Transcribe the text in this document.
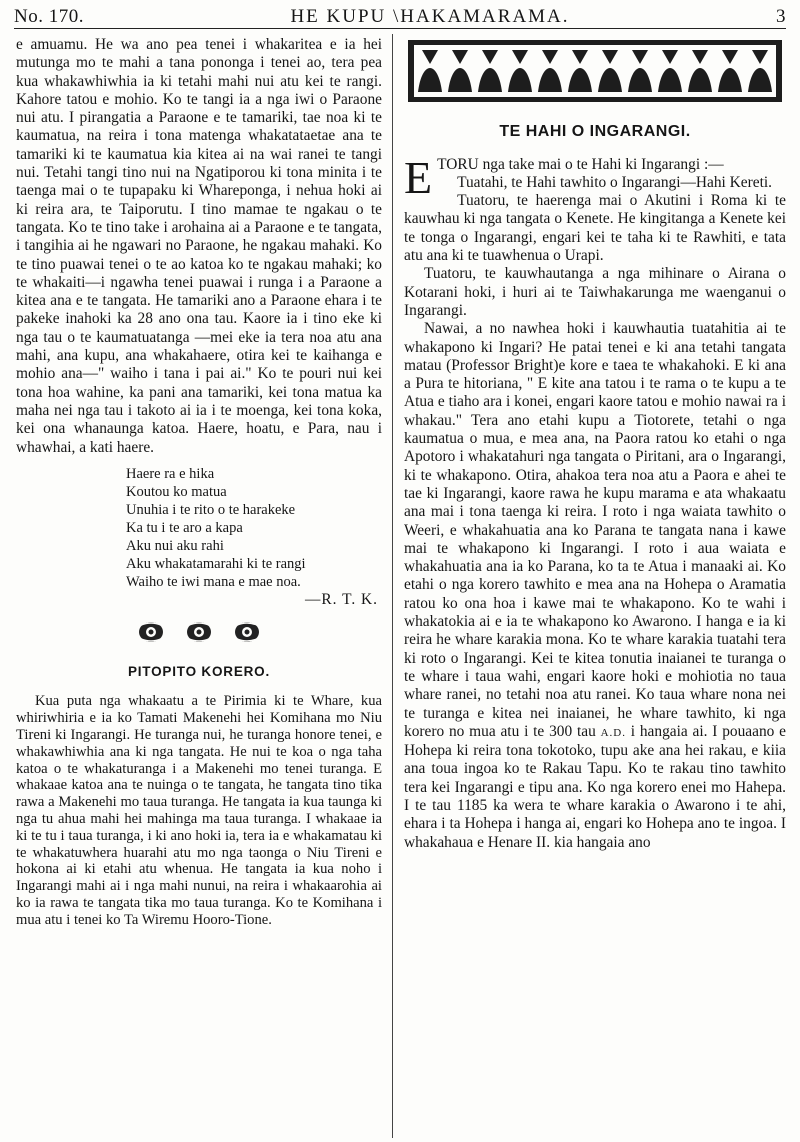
No. 170.	HE KUPU \HAKAMARAMA.	3

e amuamu. He wa ano pea tenei i whakaritea e ia hei mutunga mo te mahi a tana pononga i tenei ao, tera pea kua whakawhiwhia ia ki tetahi mahi nui atu kei te rangi. Kahore tatou e mohio. Ko te tangi ia a nga iwi o Paraone nui atu. I pirangatia a Paraone e te tamariki, tae noa ki te kaumatua, na reira i tona matenga whakatataetae ana te tamariki ki te kaumatua kia kitea ai na wai ranei te tangi nui. Tetahi tangi tino nui na Ngatiporou ki tona minita i te taenga mai o te tupapaku ki Whareponga, i nehua hoki ai ki reira ara, te Taiporutu. I tino mamae te ngakau o te tangata. Ko te tino take i arohaina ai a Paraone e te tangata, i tangihia ai he ngawari no Paraone, he ngakau mahaki. Ko te tino puawai tenei o te ao katoa ko te ngakau mahaki; ko te whakaiti—i ngawha tenei puawai i runga i a Paraone a kitea ana e te tangata. He tamariki ano a Paraone ehara i te pakeke inahoki ka 28 ano ona tau. Kaore ia i tino eke ki nga tau o te kaumatuatanga —mei eke ia tera noa atu ana mahi, ana kupu, ana whakahaere, otira kei te kaihanga e mohio ana—" waiho i tana i pai ai." Ko te pouri nui kei tona hoa wahine, ka pani ana tamariki, kei tona matua ka maha nei nga tau i takoto ai ia i te moenga, kei tona koka, kei ona whanaunga katoa. Haere, hoatu, e Para, nau i whawhai, a kati haere.

Haere ra e hika
Koutou ko matua
Unuhia i te rito o te harakeke
Ka tu i te aro a kapa
Aku nui aku rahi
Aku whakatamarahi ki te rangi
Waiho te iwi mana e mae noa.
—R. T. K.
PITOPITO KORERO.

Kua puta nga whakaatu a te Pirimia ki te Whare, kua whiriwhiria e ia ko Tamati Makenehi hei Komihana mo Niu Tireni ki Ingarangi. He turanga nui, he turanga honore tenei, e whakawhiwhia ana ki nga tangata. He nui te koa o nga taha katoa o te whakaturanga i a Makenehi mo tenei turanga. E whakaae katoa ana te nuinga o te tangata, he tangata tino tika rawa a Makenehi mo taua turanga. He tangata ia kua taunga ki nga tu ahua mahi hei mahinga ma taua turanga. I whakaae ia ki te tu i taua turanga, i ki ano hoki ia, tera ia e whakamatau ki te whakatuwhera huarahi atu mo nga taonga o Niu Tireni e hokona ai ki etahi atu whenua. He tangata ia kua noho i Ingarangi mahi ai i nga mahi nunui, na reira i whakaarohia ai ko ia rawa te tangata tika mo taua turanga. Ko te Komihana i mua atu i tenei ko Ta Wiremu Hooro-Tione.

TE HAHI O INGARANGI.

ETORU nga take mai o te Hahi ki Ingarangi :—

Tuatahi, te Hahi tawhito o Ingarangi—Hahi Kereti.

Tuatoru, te haerenga mai o Akutini i Roma ki te kauwhau ki nga tangata o Kenete. He kingitanga a Kenete kei te tonga o Ingarangi, engari kei te taha ki te Rawhiti, e tata atu ana ki te tuawhenua o Urapi.

Tuatoru, te kauwhautanga a nga mihinare o Airana o Kotarani hoki, i huri ai te Taiwhakarunga me waenganui o Ingarangi.

Nawai, a no nawhea hoki i kauwhautia tuatahitia ai te whakapono ki Ingari? He patai tenei e ki ana tetahi tangata matau (Professor Bright)e kore e taea te whakahoki. E ki ana a Pura te hitoriana, " E kite ana tatou i te rama o te kupu a te Atua e tiaho ara i konei, engari kaore tatou e mohio nawai ra i whakau." Tera ano etahi kupu a Tiotorete, tetahi o nga kaumatua o mua, e mea ana, na Paora ratou ko etahi o nga Apotoro i whakatahuri nga tangata o Piritani, ara o Ingarangi, ki te whakapono. Otira, ahakoa tera noa atu a Paora e ahei te tae ki Ingarangi, kaore rawa he kupu marama e ata whakaatu ana mai i tona taenga ki reira. I roto i nga waiata tawhito o Weeri, e whakahuatia ana ko Parana te tangata nana i kawe mai te whakapono ki Ingarangi. I roto i aua waiata e whakahuatia ana ia ko Parana, ko ta te Atua i manaaki ai. Ko etahi o nga korero tawhito e mea ana na Hohepa o Aramatia ratou ko ona hoa i kawe mai te whakapono. Ko te wahi i whakatokia ai e ia te whakapono ko Awarono. I hanga e ia ki reira he whare karakia mona. Ko te whare karakia tuatahi tera ki roto o Ingarangi. Kei te kitea tonutia inaianei te turanga o te whare i taua wahi, engari kaore hoki e mohiotia no taua whare ranei, no tetahi noa atu ranei. Ko taua whare nona nei te turanga e kitea nei inaianei, he whare tawhito, ki nga korero no mua atu i te 300 tau A.D. i hangaia ai. I pouaano e Hohepa ki reira tona tokotoko, tupu ake ana hei rakau, e kiia ana toua ingoa ko te Rakau Tapu. Ko te rakau tino tawhito tera kei Ingarangi e tipu ana. Ko nga korero enei mo Hahepa. I te tau 1185 ka wera te whare karakia o Awarono i te ahi, ehara i ta Hohepa i hanga ai, engari ko Hohepa ano te ingoa. I whakahaua e Henare II. kia hangaia ano
